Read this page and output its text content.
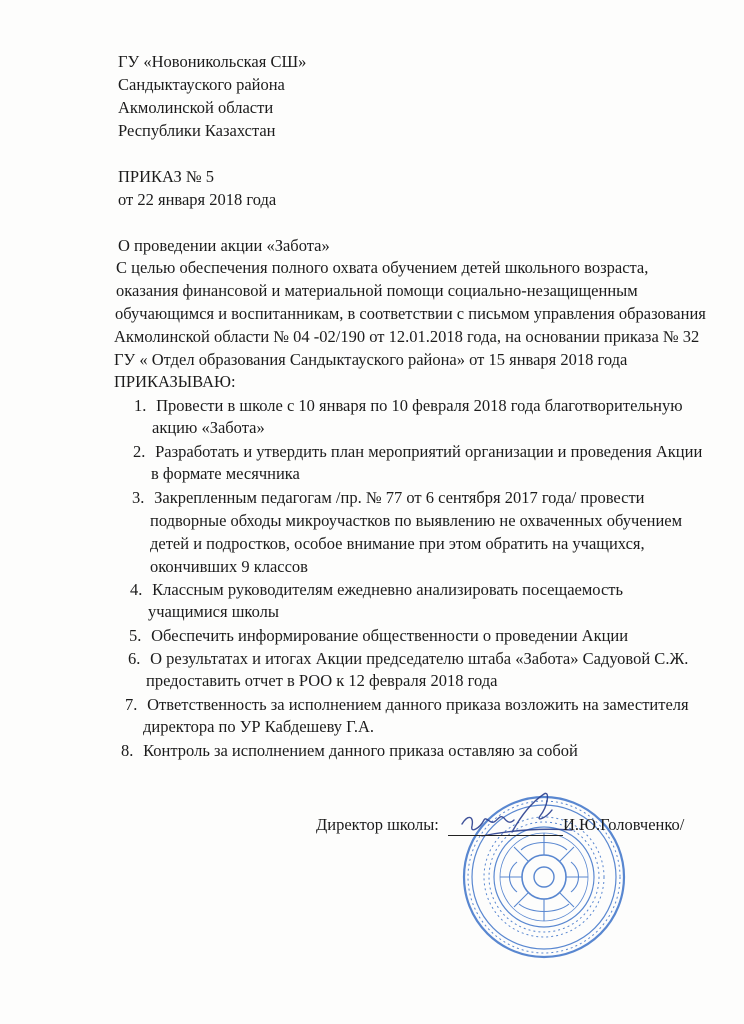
ГУ «Новоникольская СШ»
Сандыктауского района
Акмолинской области
Республики Казахстан
ПРИКАЗ № 5
от 22 января 2018 года
О проведении акции «Забота»
С целью обеспечения полного охвата обучением детей школьного возраста,
оказания финансовой и материальной помощи социально-незащищенным
обучающимся и воспитанникам, в соответствии с письмом управления образования
Акмолинской области № 04 -02/190 от 12.01.2018 года, на основании приказа № 32
ГУ « Отдел образования Сандыктауского района» от 15 января 2018 года
ПРИКАЗЫВАЮ:
1. Провести в школе с 10 января по 10 февраля 2018 года благотворительную
акцию «Забота»
2. Разработать и утвердить план мероприятий организации и проведения Акции
в формате месячника
3. Закрепленным педагогам /пр. № 77 от 6 сентября 2017 года/ провести
подворные обходы микроучастков по выявлению не охваченных обучением
детей и подростков, особое внимание при этом обратить на учащихся,
окончивших 9 классов
4. Классным руководителям ежедневно анализировать посещаемость
учащимися школы
5. Обеспечить информирование общественности о проведении Акции
6. О результатах и итогах Акции председателю штаба «Забота» Садуовой С.Ж.
предоставить отчет в РОО к 12 февраля 2018 года
7. Ответственность за исполнением данного приказа возложить на заместителя
директора по УР Кабдешеву Г.А.
8. Контроль за исполнением данного приказа оставляю за собой
Директор школы:	И.Ю.Головченко/
